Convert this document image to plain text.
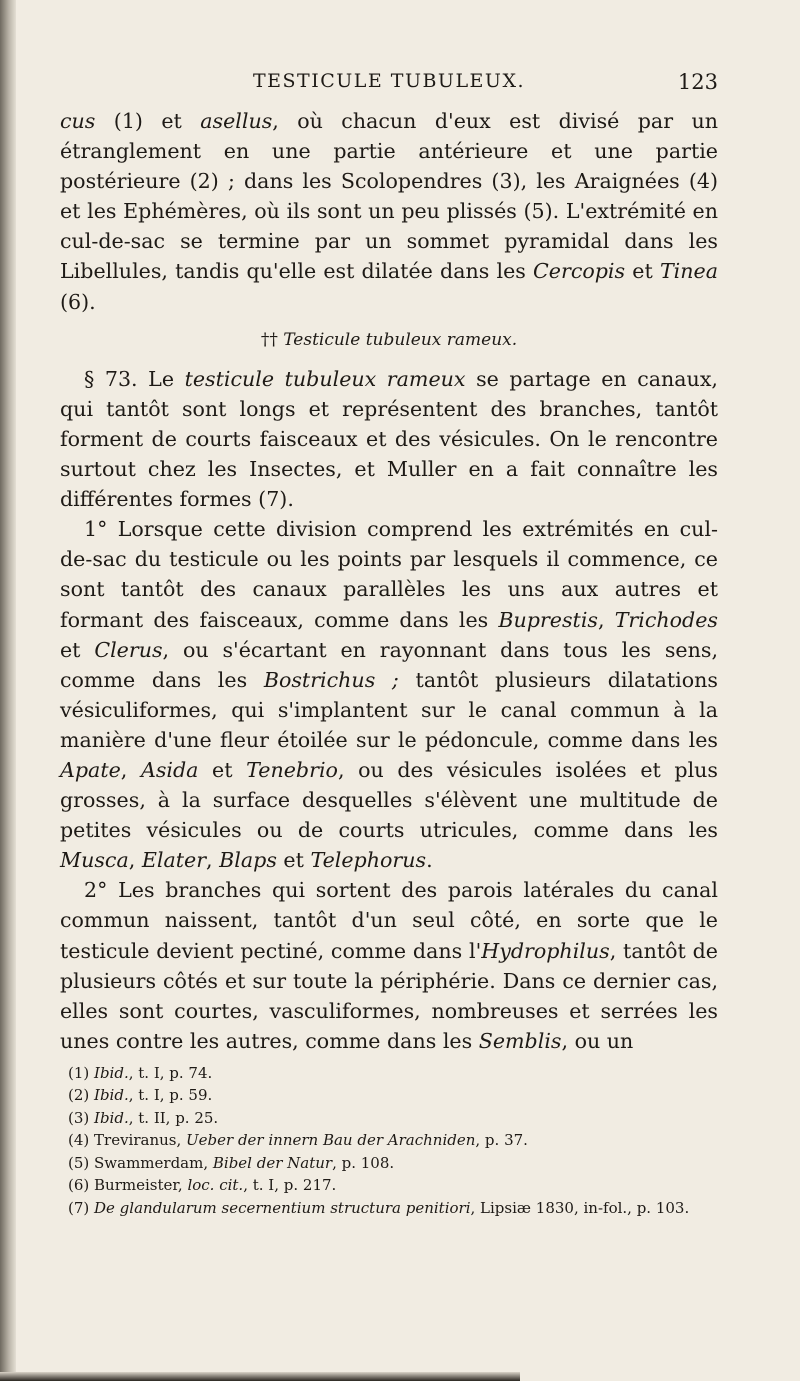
TESTICULE TUBULEUX.	123

cus (1) et asellus, où chacun d'eux est divisé par un étranglement en une partie antérieure et une partie postérieure (2) ; dans les Scolopendres (3), les Araignées (4) et les Ephémères, où ils sont un peu plissés (5). L'extrémité en cul-de-sac se termine par un sommet pyramidal dans les Libellules, tandis qu'elle est dilatée dans les Cercopis et Tinea (6).

†† Testicule tubuleux rameux.

§ 73. Le testicule tubuleux rameux se partage en canaux, qui tantôt sont longs et représentent des branches, tantôt forment de courts faisceaux et des vésicules. On le rencontre surtout chez les Insectes, et Muller en a fait connaître les différentes formes (7).

1° Lorsque cette division comprend les extrémités en cul-de-sac du testicule ou les points par lesquels il commence, ce sont tantôt des canaux parallèles les uns aux autres et formant des faisceaux, comme dans les Buprestis, Trichodes et Clerus, ou s'écartant en rayonnant dans tous les sens, comme dans les Bostrichus ; tantôt plusieurs dilatations vésiculiformes, qui s'implantent sur le canal commun à la manière d'une fleur étoilée sur le pédoncule, comme dans les Apate, Asida et Tenebrio, ou des vésicules isolées et plus grosses, à la surface desquelles s'élèvent une multitude de petites vésicules ou de courts utricules, comme dans les Musca, Elater, Blaps et Telephorus.

2° Les branches qui sortent des parois latérales du canal commun naissent, tantôt d'un seul côté, en sorte que le testicule devient pectiné, comme dans l'Hydrophilus, tantôt de plusieurs côtés et sur toute la périphérie. Dans ce dernier cas, elles sont courtes, vasculiformes, nombreuses et serrées les unes contre les autres, comme dans les Semblis, ou un

(1) Ibid., t. I, p. 74.

(2) Ibid., t. I, p. 59.

(3) Ibid., t. II, p. 25.

(4) Treviranus, Ueber der innern Bau der Arachniden, p. 37.

(5) Swammerdam, Bibel der Natur, p. 108.

(6) Burmeister, loc. cit., t. I, p. 217.

(7) De glandularum secernentium structura penitiori, Lipsiæ 1830, in-fol., p. 103.
